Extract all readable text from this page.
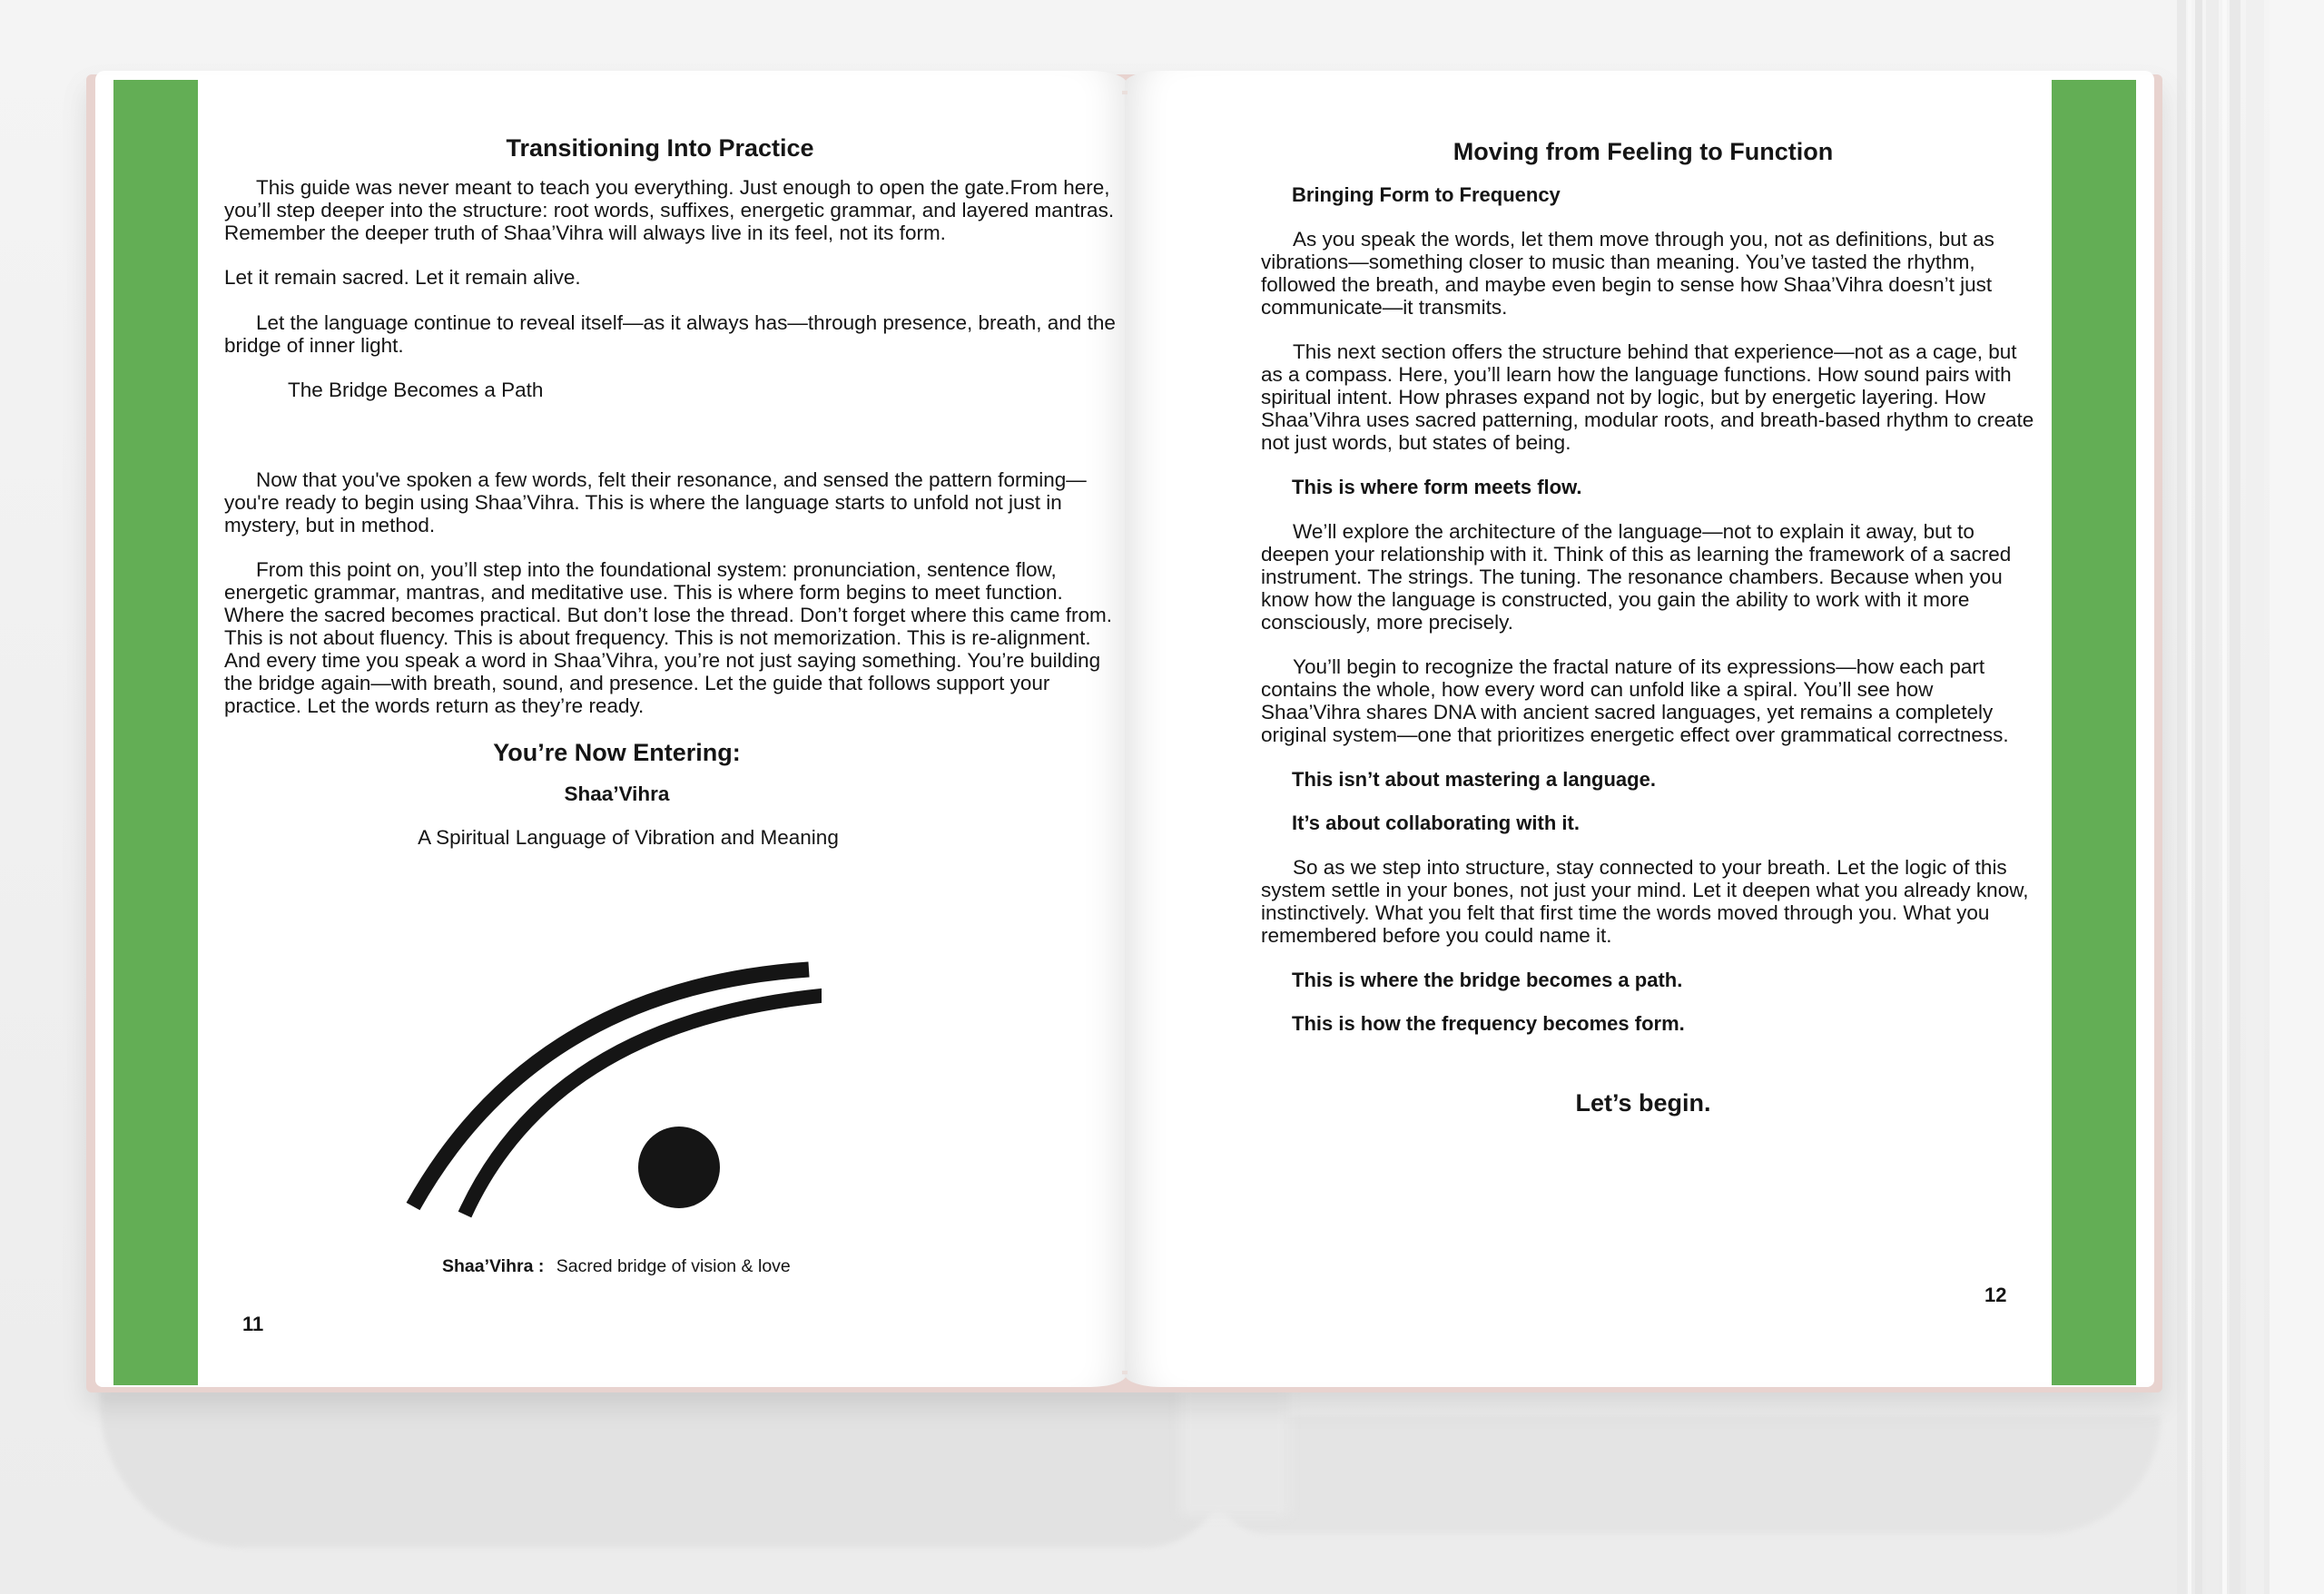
Transitioning Into Practice

This guide was never meant to teach you everything. Just enough to open the gate.From here, you’ll step deeper into the structure: root words, suffixes, energetic grammar, and layered mantras. Remember the deeper truth of Shaa’Vihra will always live in its feel, not its form.

Let it remain sacred. Let it remain alive.

Let the language continue to reveal itself—as it always has—through presence, breath, and the bridge of inner light.

The Bridge Becomes a Path

Now that you've spoken a few words, felt their resonance, and sensed the pattern forming—you're ready to begin using Shaa’Vihra. This is where the language starts to unfold not just in mystery, but in method.

From this point on, you’ll step into the foundational system: pronunciation, sentence flow, energetic grammar, mantras, and meditative use. This is where form begins to meet function. Where the sacred becomes practical. But don’t lose the thread. Don’t forget where this came from. This is not about fluency. This is about frequency. This is not memorization. This is re-alignment. And every time you speak a word in Shaa’Vihra, you’re not just saying something. You’re building the bridge again—with breath, sound, and presence. Let the guide that follows support your practice. Let the words return as they’re ready.

You’re Now Entering:

Shaa’Vihra

A Spiritual Language of Vibration and Meaning

Shaa’Vihra : Sacred bridge of vision & love
11
Moving from Feeling to Function

Bringing Form to Frequency

As you speak the words, let them move through you, not as definitions, but as vibrations—something closer to music than meaning. You’ve tasted the rhythm, followed the breath, and maybe even begin to sense how Shaa’Vihra doesn’t just communicate—it transmits.

This next section offers the structure behind that experience—not as a cage, but as a compass. Here, you’ll learn how the language functions. How sound pairs with spiritual intent. How phrases expand not by logic, but by energetic layering. How Shaa’Vihra uses sacred patterning, modular roots, and breath-based rhythm to create not just words, but states of being.

This is where form meets flow.

We’ll explore the architecture of the language—not to explain it away, but to deepen your relationship with it. Think of this as learning the framework of a sacred instrument. The strings. The tuning. The resonance chambers. Because when you know how the language is constructed, you gain the ability to work with it more consciously, more precisely.

You’ll begin to recognize the fractal nature of its expressions—how each part contains the whole, how every word can unfold like a spiral. You’ll see how Shaa’Vihra shares DNA with ancient sacred languages, yet remains a completely original system—one that prioritizes energetic effect over grammatical correctness.

This isn’t about mastering a language.

It’s about collaborating with it.

So as we step into structure, stay connected to your breath. Let the logic of this system settle in your bones, not just your mind. Let it deepen what you already know, instinctively. What you felt that first time the words moved through you. What you remembered before you could name it.

This is where the bridge becomes a path.

This is how the frequency becomes form.

Let’s begin.
12
